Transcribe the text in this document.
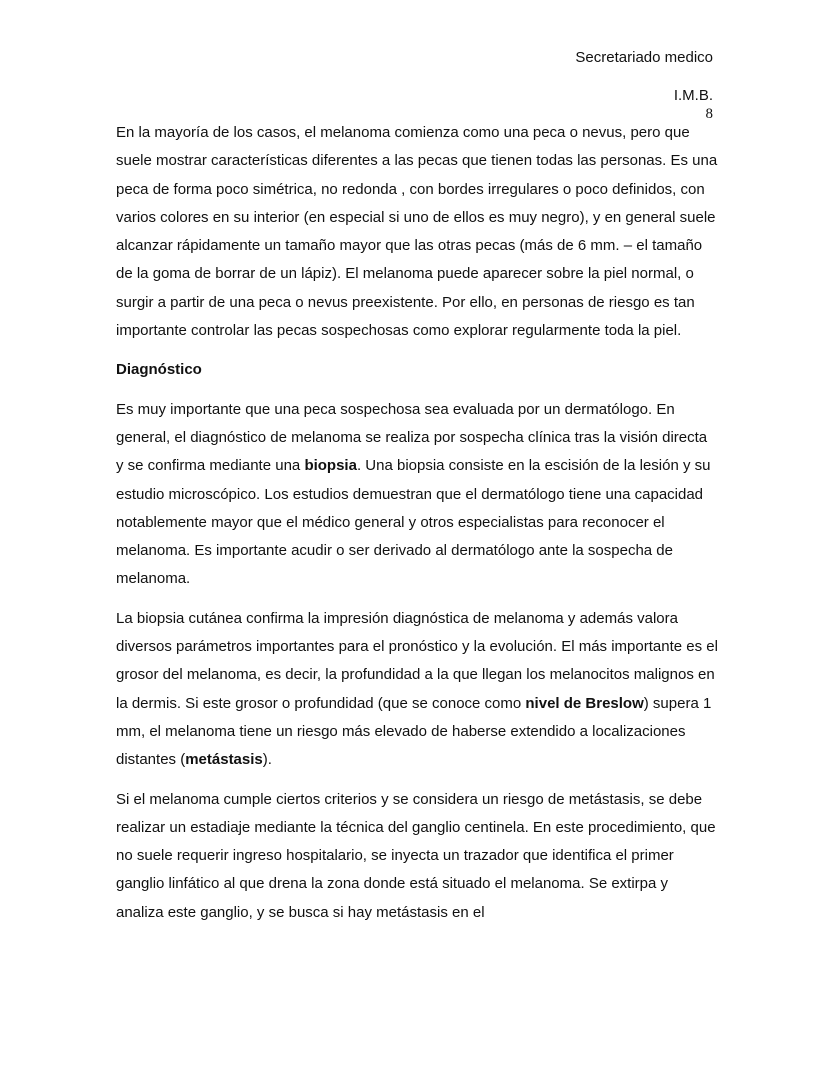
Secretariado medico
I.M.B.
8

En la mayoría de los casos, el melanoma comienza como una peca o nevus, pero que suele mostrar características diferentes a las pecas que tienen todas las personas. Es una peca de forma poco simétrica, no redonda , con bordes irregulares o poco definidos, con varios colores en su interior (en especial si uno de ellos es muy negro), y en general suele alcanzar rápidamente un tamaño mayor que las otras pecas (más de 6 mm. – el tamaño de la goma de borrar de un lápiz). El melanoma puede aparecer sobre la piel normal, o surgir a partir de una peca o nevus preexistente. Por ello, en personas de riesgo es tan importante controlar las pecas sospechosas como explorar regularmente toda la piel.

Diagnóstico

Es muy importante que una peca sospechosa sea evaluada por un dermatólogo. En general, el diagnóstico de melanoma se realiza por sospecha clínica tras la visión directa y se confirma mediante una biopsia. Una biopsia consiste en la escisión de la lesión y su estudio microscópico. Los estudios demuestran que el dermatólogo tiene una capacidad notablemente mayor que el médico general y otros especialistas para reconocer el melanoma. Es importante acudir o ser derivado al dermatólogo ante la sospecha de melanoma.

La biopsia cutánea confirma la impresión diagnóstica de melanoma y además valora diversos parámetros importantes para el pronóstico y la evolución. El más importante es el grosor del melanoma, es decir, la profundidad a la que llegan los melanocitos malignos en la dermis. Si este grosor o profundidad (que se conoce como nivel de Breslow) supera 1 mm, el melanoma tiene un riesgo más elevado de haberse extendido a localizaciones distantes (metástasis).

Si el melanoma cumple ciertos criterios y se considera un riesgo de metástasis, se debe realizar un estadiaje mediante la técnica del ganglio centinela. En este procedimiento, que no suele requerir ingreso hospitalario, se inyecta un trazador que identifica el primer ganglio linfático al que drena la zona donde está situado el melanoma. Se extirpa y analiza este ganglio, y se busca si hay metástasis en el
